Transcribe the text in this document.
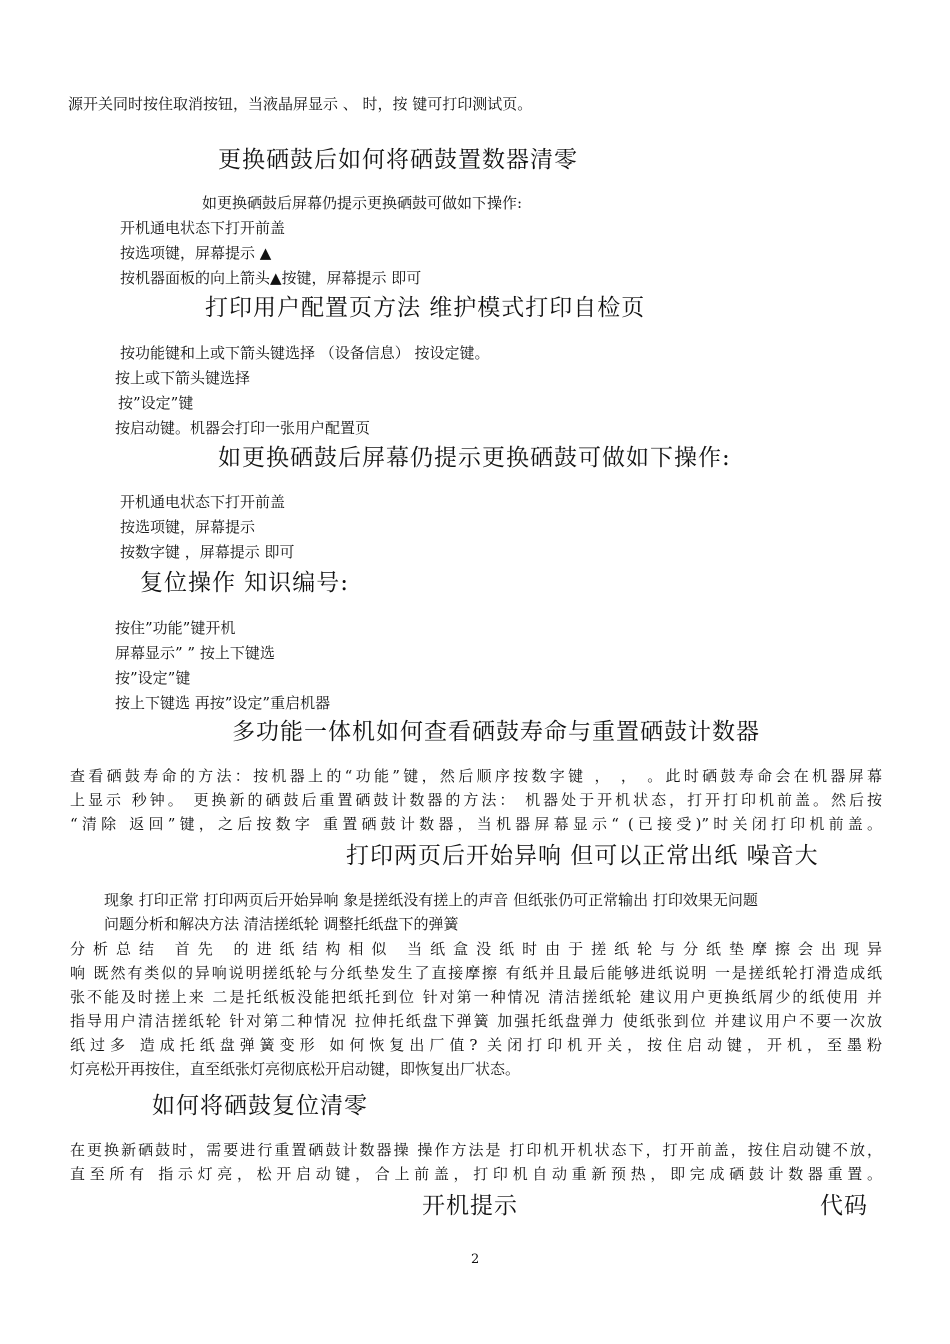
源开关同时按住取消按钮，当液晶屏显示 、 时，按 键可打印测试页。
更换硒鼓后如何将硒鼓置数器清零
如更换硒鼓后屏幕仍提示更换硒鼓可做如下操作:
开机通电状态下打开前盖
按选项键，屏幕提示 ▲
按机器面板的向上箭头▲按键，屏幕提示 即可
打印用户配置页方法 维护模式打印自检页
按功能键和上或下箭头键选择 （设备信息） 按设定键。
按上或下箭头键选择
按”设定”键
按启动键。机器会打印一张用户配置页
如更换硒鼓后屏幕仍提示更换硒鼓可做如下操作:
开机通电状态下打开前盖
按选项键，屏幕提示
按数字键 ，屏幕提示 即可
复位操作 知识编号:
按住”功能”键开机
屏幕显示” ” 按上下键选
按”设定”键
按上下键选 再按”设定”重启机器
多功能一体机如何查看硒鼓寿命与重置硒鼓计数器
查看硒鼓寿命的方法：按机器上的“功能”键，然后顺序按数字键 ， ， 。此时硒鼓寿命会在机器屏幕
上显示 秒钟。 更换新的硒鼓后重置硒鼓计数器的方法： 机器处于开机状态，打开打印机前盖。然后按
“清除 返回”键，之后按数字 重置硒鼓计数器，当机器屏幕显示“ (已接受)”时关闭打印机前盖。
打印两页后开始异响 但可以正常出纸 噪音大
现象 打印正常 打印两页后开始异响 象是搓纸没有搓上的声音 但纸张仍可正常输出 打印效果无问题
问题分析和解决方法 清洁搓纸轮 调整托纸盘下的弹簧
分析总结 首先 的进纸结构相似 当纸盒没纸时由于搓纸轮与分纸垫摩擦会出现异
响 既然有类似的异响说明搓纸轮与分纸垫发生了直接摩擦 有纸并且最后能够进纸说明 一是搓纸轮打滑造成纸
张不能及时搓上来 二是托纸板没能把纸托到位 针对第一种情况 清洁搓纸轮 建议用户更换纸屑少的纸使用 并
指导用户清洁搓纸轮 针对第二种情况 拉伸托纸盘下弹簧 加强托纸盘弹力 使纸张到位 并建议用户不要一次放
纸过多 造成托纸盘弹簧变形 如何恢复出厂值? 关闭打印机开关，按住启动键，开机，至墨粉
灯亮松开再按住，直至纸张灯亮彻底松开启动键，即恢复出厂状态。
如何将硒鼓复位清零
在更换新硒鼓时，需要进行重置硒鼓计数器操 操作方法是 打印机开机状态下，打开前盖，按住启动键不放，
直至所有 指示灯亮，松开启动键，合上前盖，打印机自动重新预热，即完成硒鼓计数器重置。
开机提示	代码
2
